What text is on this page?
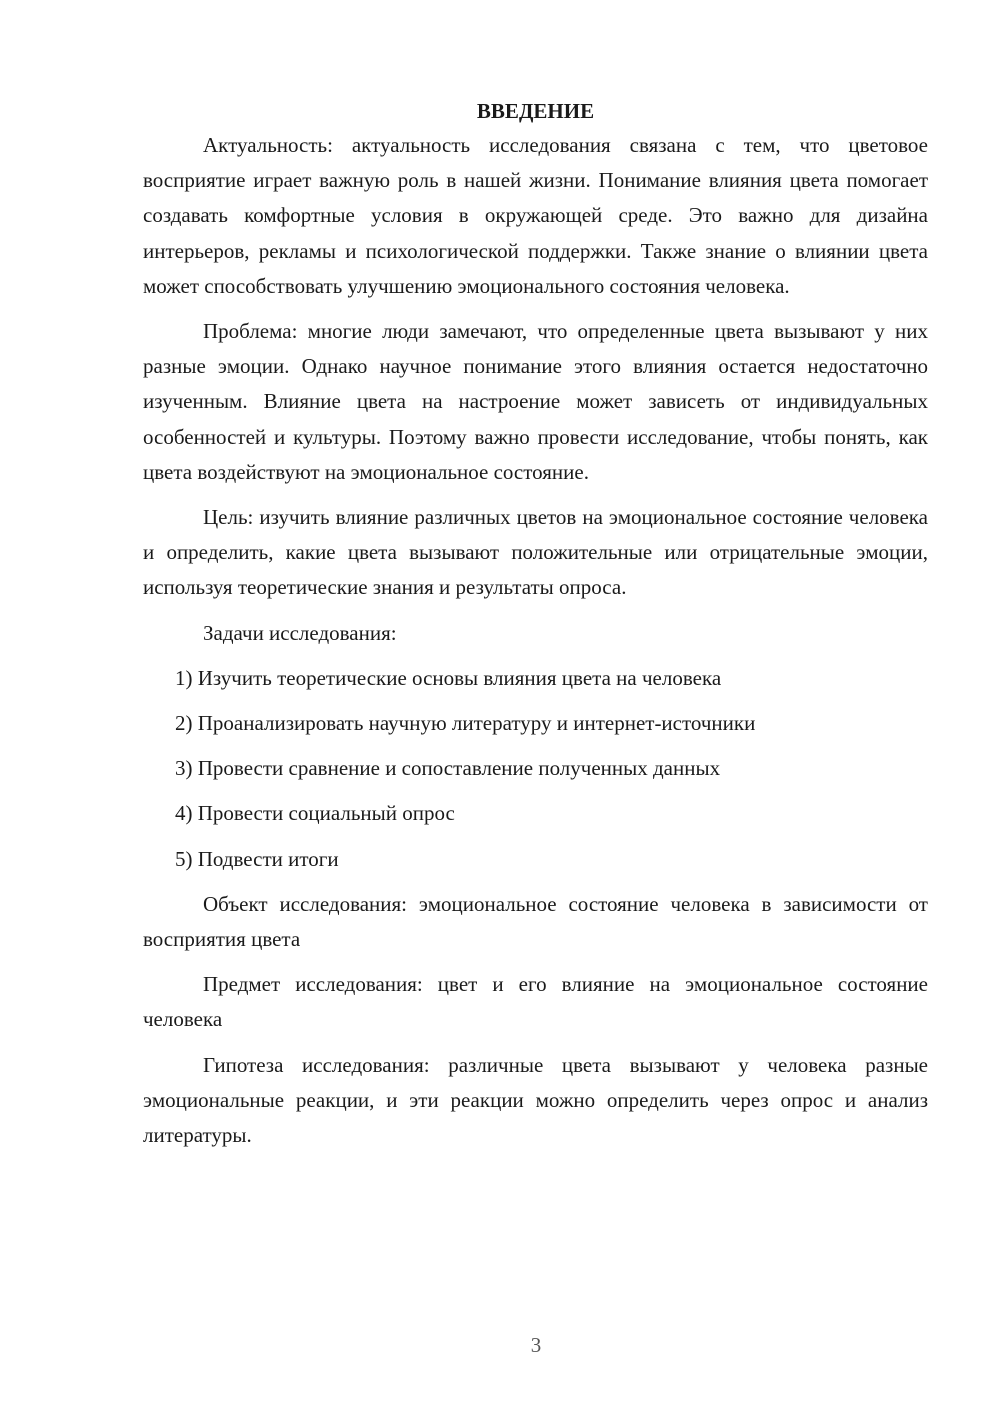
ВВЕДЕНИЕ

Актуальность: актуальность исследования связана с тем, что цветовое восприятие играет важную роль в нашей жизни. Понимание влияния цвета помогает создавать комфортные условия в окружающей среде. Это важно для дизайна интерьеров, рекламы и психологической поддержки. Также знание о влиянии цвета может способствовать улучшению эмоционального состояния человека.

Проблема: многие люди замечают, что определенные цвета вызывают у них разные эмоции. Однако научное понимание этого влияния остается недостаточно изученным. Влияние цвета на настроение может зависеть от индивидуальных особенностей и культуры. Поэтому важно провести исследование, чтобы понять, как цвета воздействуют на эмоциональное состояние.

Цель: изучить влияние различных цветов на эмоциональное состояние человека и определить, какие цвета вызывают положительные или отрицательные эмоции, используя теоретические знания и результаты опроса.

Задачи исследования:

1) Изучить теоретические основы влияния цвета на человека
2) Проанализировать научную литературу и интернет-источники
3) Провести сравнение и сопоставление полученных данных
4) Провести социальный опрос
5) Подвести итоги

Объект исследования: эмоциональное состояние человека в зависимости от восприятия цвета

Предмет исследования: цвет и его влияние на эмоциональное состояние человека

Гипотеза исследования: различные цвета вызывают у человека разные эмоциональные реакции, и эти реакции можно определить через опрос и анализ литературы.

3
